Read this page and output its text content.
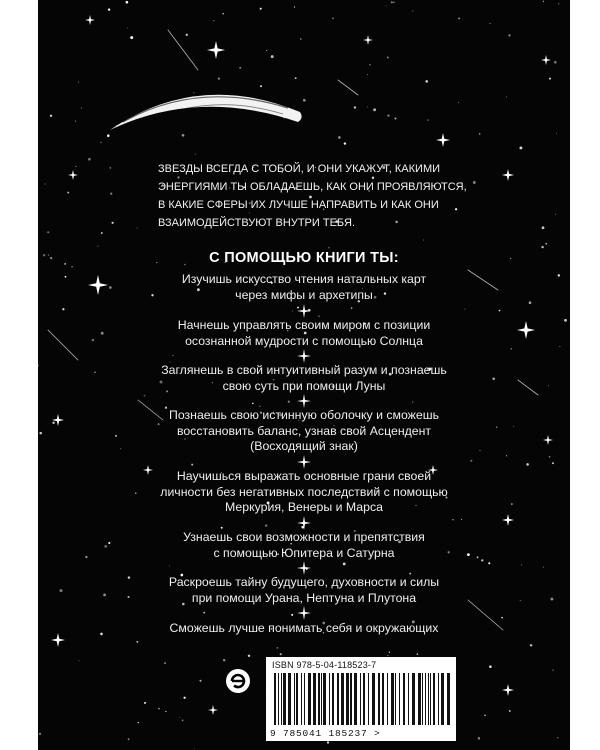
ЗВЕЗДЫ ВСЕГДА С ТОБОЙ, И ОНИ УКАЖУТ, КАКИМИ
ЭНЕРГИЯМИ ТЫ ОБЛАДАЕШЬ, КАК ОНИ ПРОЯВЛЯЮТСЯ,
В КАКИЕ СФЕРЫ ИХ ЛУЧШЕ НАПРАВИТЬ И КАК ОНИ
ВЗАИМОДЕЙСТВУЮТ ВНУТРИ ТЕБЯ.
С ПОМОЩЬЮ КНИГИ ТЫ:
Изучишь искусство чтения натальных карт
через мифы и архетипы
Начнешь управлять своим миром с позиции
осознанной мудрости с помощью Солнца
Заглянешь в свой интуитивный разум и познаешь
свою суть при помощи Луны
Познаешь свою истинную оболочку и сможешь
восстановить баланс, узнав свой Асцендент
(Восходящий знак)
Научишься выражать основные грани своей
личности без негативных последствий с помощью
Меркурия, Венеры и Марса
Узнаешь свои возможности и препятствия
с помощью Юпитера и Сатурна
Раскроешь тайну будущего, духовности и силы
при помощи Урана, Нептуна и Плутона
Сможешь лучше понимать себя и окружающих
ISBN 978-5-04-118523-7
9 785041 185237 >
